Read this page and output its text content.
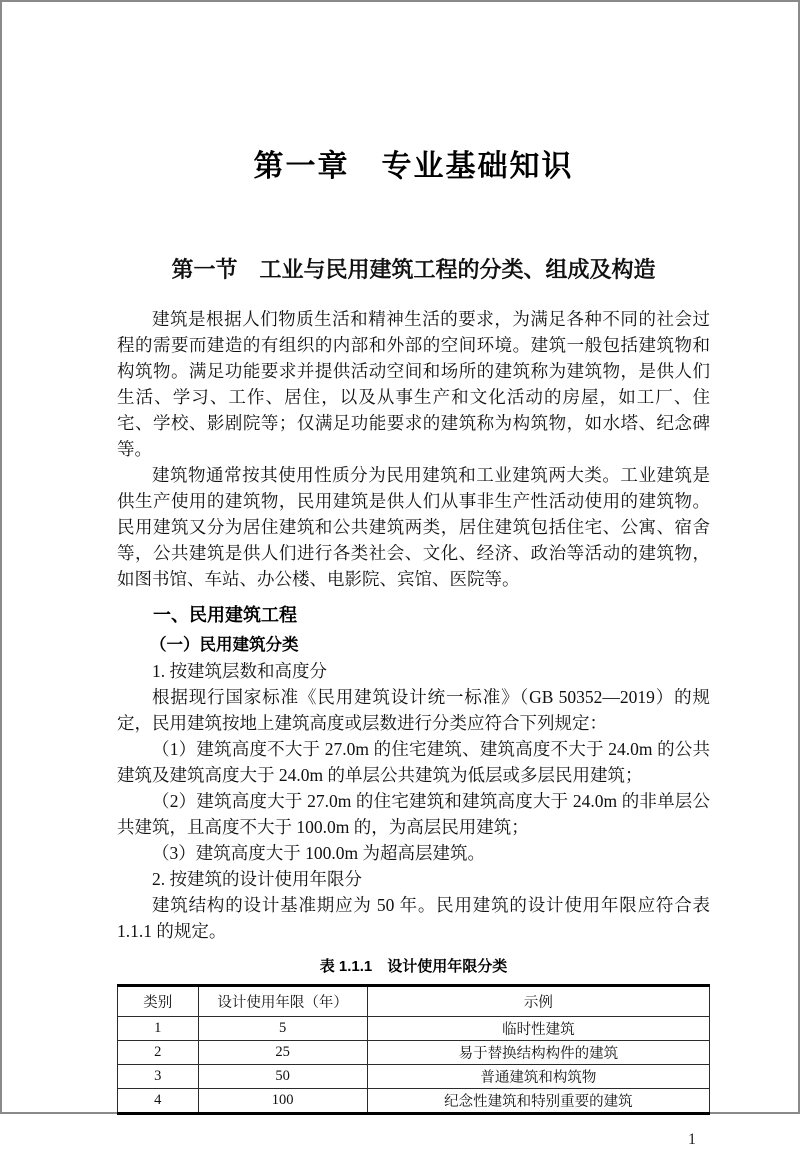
第一章　专业基础知识
第一节　工业与民用建筑工程的分类、组成及构造

建筑是根据人们物质生活和精神生活的要求，为满足各种不同的社会过程的需要而建造的有组织的内部和外部的空间环境。建筑一般包括建筑物和构筑物。满足功能要求并提供活动空间和场所的建筑称为建筑物，是供人们生活、学习、工作、居住，以及从事生产和文化活动的房屋，如工厂、住宅、学校、影剧院等；仅满足功能要求的建筑称为构筑物，如水塔、纪念碑等。

建筑物通常按其使用性质分为民用建筑和工业建筑两大类。工业建筑是供生产使用的建筑物，民用建筑是供人们从事非生产性活动使用的建筑物。民用建筑又分为居住建筑和公共建筑两类，居住建筑包括住宅、公寓、宿舍等，公共建筑是供人们进行各类社会、文化、经济、政治等活动的建筑物，如图书馆、车站、办公楼、电影院、宾馆、医院等。

一、民用建筑工程
（一）民用建筑分类

1. 按建筑层数和高度分

根据现行国家标准《民用建筑设计统一标准》（GB 50352—2019）的规定，民用建筑按地上建筑高度或层数进行分类应符合下列规定：

（1）建筑高度不大于 27.0m 的住宅建筑、建筑高度不大于 24.0m 的公共建筑及建筑高度大于 24.0m 的单层公共建筑为低层或多层民用建筑；

（2）建筑高度大于 27.0m 的住宅建筑和建筑高度大于 24.0m 的非单层公共建筑，且高度不大于 100.0m 的，为高层民用建筑；

（3）建筑高度大于 100.0m 为超高层建筑。

2. 按建筑的设计使用年限分

建筑结构的设计基准期应为 50 年。民用建筑的设计使用年限应符合表 1.1.1 的规定。

表 1.1.1　设计使用年限分类

类别	设计使用年限（年）	示例
1	5	临时性建筑
2	25	易于替换结构构件的建筑
3	50	普通建筑和构筑物
4	100	纪念性建筑和特别重要的建筑
1
